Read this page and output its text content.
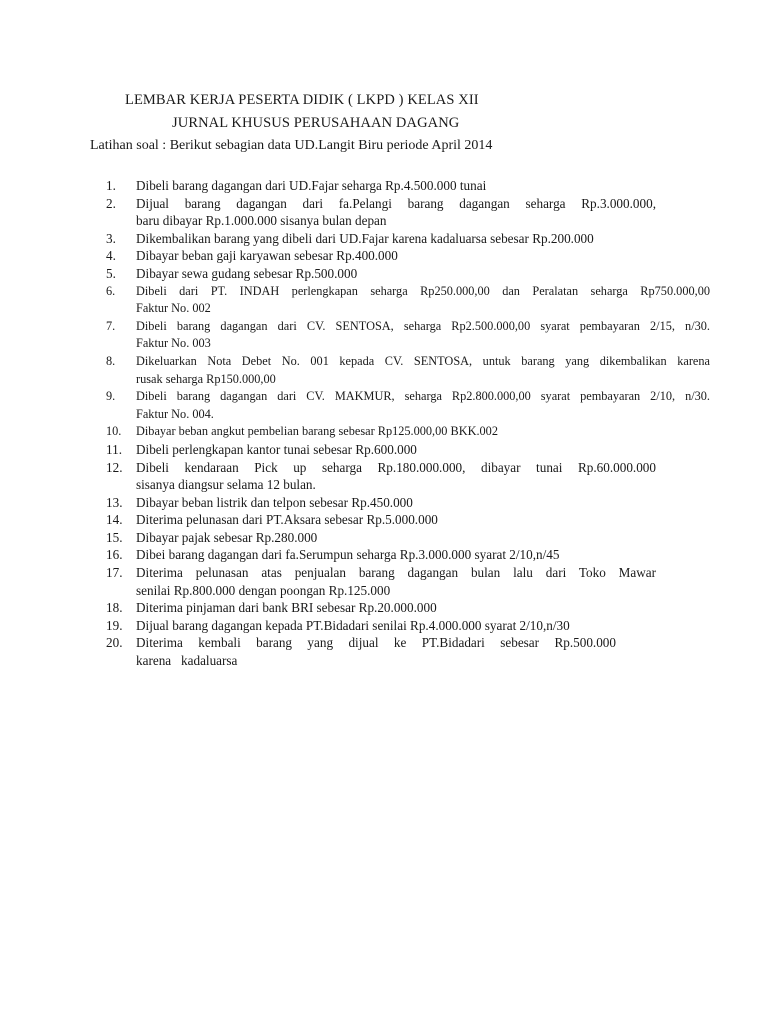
LEMBAR KERJA PESERTA DIDIK ( LKPD ) KELAS XII
JURNAL KHUSUS PERUSAHAAN DAGANG
Latihan soal : Berikut sebagian data UD.Langit Biru periode April 2014
1.	Dibeli barang dagangan dari UD.Fajar seharga Rp.4.500.000 tunai
2.	Dijual barang dagangan dari fa.Pelangi barang dagangan seharga Rp.3.000.000,
baru dibayar Rp.1.000.000 sisanya bulan depan
3.	Dikembalikan barang yang dibeli dari UD.Fajar karena kadaluarsa sebesar Rp.200.000
4.	Dibayar beban gaji karyawan sebesar Rp.400.000
5.	Dibayar sewa gudang sebesar Rp.500.000
6.	Dibeli dari PT. INDAH perlengkapan seharga Rp250.000,00 dan Peralatan seharga Rp750.000,00
Faktur No. 002
7.	Dibeli barang dagangan dari CV. SENTOSA, seharga Rp2.500.000,00 syarat pembayaran 2/15, n/30.
Faktur No. 003
8.	Dikeluarkan Nota Debet No. 001 kepada CV. SENTOSA, untuk barang yang dikembalikan karena
rusak seharga Rp150.000,00
9.	Dibeli barang dagangan dari CV. MAKMUR, seharga Rp2.800.000,00 syarat pembayaran 2/10, n/30.
Faktur No. 004.
10.	Dibayar beban angkut pembelian barang sebesar Rp125.000,00 BKK.002
11.	Dibeli perlengkapan kantor tunai sebesar Rp.600.000
12.	Dibeli kendaraan Pick up seharga Rp.180.000.000, dibayar tunai Rp.60.000.000
sisanya diangsur selama 12 bulan.
13.	Dibayar beban listrik dan telpon sebesar Rp.450.000
14.	Diterima pelunasan dari PT.Aksara sebesar Rp.5.000.000
15.	Dibayar pajak sebesar Rp.280.000
16.	Dibei barang dagangan dari fa.Serumpun seharga Rp.3.000.000 syarat 2/10,n/45
17.	Diterima pelunasan atas penjualan barang dagangan bulan lalu dari Toko Mawar
senilai Rp.800.000 dengan poongan Rp.125.000
18.	Diterima pinjaman dari bank BRI sebesar Rp.20.000.000
19.	Dijual barang dagangan kepada PT.Bidadari senilai Rp.4.000.000 syarat 2/10,n/30
20.	Diterima kembali barang yang dijual ke PT.Bidadari sebesar Rp.500.000
karena   kadaluarsa
